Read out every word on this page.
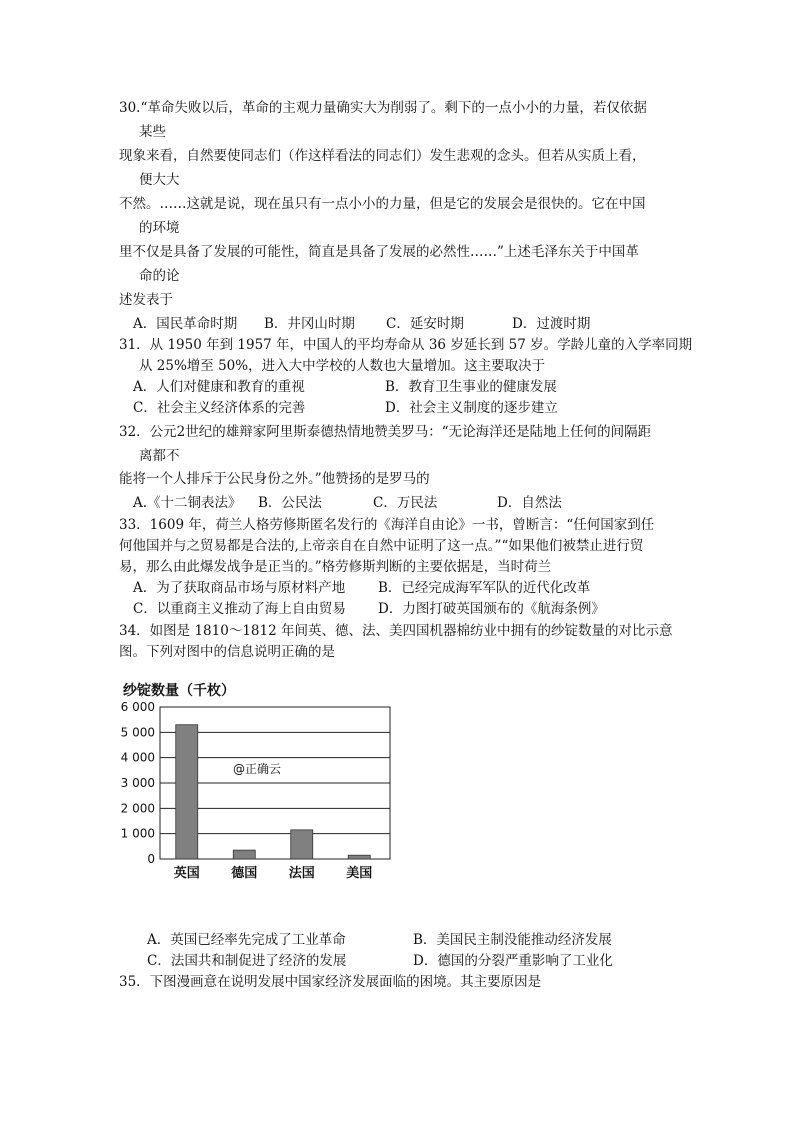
30.“革命失败以后，革命的主观力量确实大为削弱了。剩下的一点小小的力量，若仅依据
某些
现象来看，自然要使同志们（作这样看法的同志们）发生悲观的念头。但若从实质上看，
便大大
不然。……这就是说，现在虽只有一点小小的力量，但是它的发展会是很快的。它在中国
的环境
里不仅是具备了发展的可能性，简直是具备了发展的必然性……”上述毛泽东关于中国革
命的论
述发表于
A．国民革命时期 B．井冈山时期 C．延安时期	D．过渡时期
31．从 1950 年到 1957 年，中国人的平均寿命从 36 岁延长到 57 岁。学龄儿童的入学率同期
从 25%增至 50%，进入大中学校的人数也大量增加。这主要取决于
A．人们对健康和教育的重视	B．教育卫生事业的健康发展
C．社会主义经济体系的完善	D．社会主义制度的逐步建立
32．公元2世纪的雄辩家阿里斯泰德热情地赞美罗马：“无论海洋还是陆地上任何的间隔距
离都不
能将一个人排斥于公民身份之外。”他赞扬的是罗马的
A.《十二铜表法》 B．公民法	C．万民法	D．自然法
33．1609 年，荷兰人格劳修斯匿名发行的《海洋自由论》一书，曾断言：“任何国家到任
何他国并与之贸易都是合法的,上帝亲自在自然中证明了这一点。”“如果他们被禁止进行贸
易，那么由此爆发战争是正当的。”格劳修斯判断的主要依据是，当时荷兰
A．为了获取商品市场与原材料产地 B．已经完成海军军队的近代化改革
C．以重商主义推动了海上自由贸易 D．力图打破英国颁布的《航海条例》
34．如图是 1810～1812 年间英、德、法、美四国机器棉纺业中拥有的纱锭数量的对比示意
图。下列对图中的信息说明正确的是
纱锭数量（千枚）
0
1 000
2 000
3 000
4 000
5 000
6 000
英国 德国 法国 美国
@正确云
A．英国已经率先完成了工业革命	B．美国民主制没能推动经济发展
C．法国共和制促进了经济的发展	D．德国的分裂严重影响了工业化
35．下图漫画意在说明发展中国家经济发展面临的困境。其主要原因是
